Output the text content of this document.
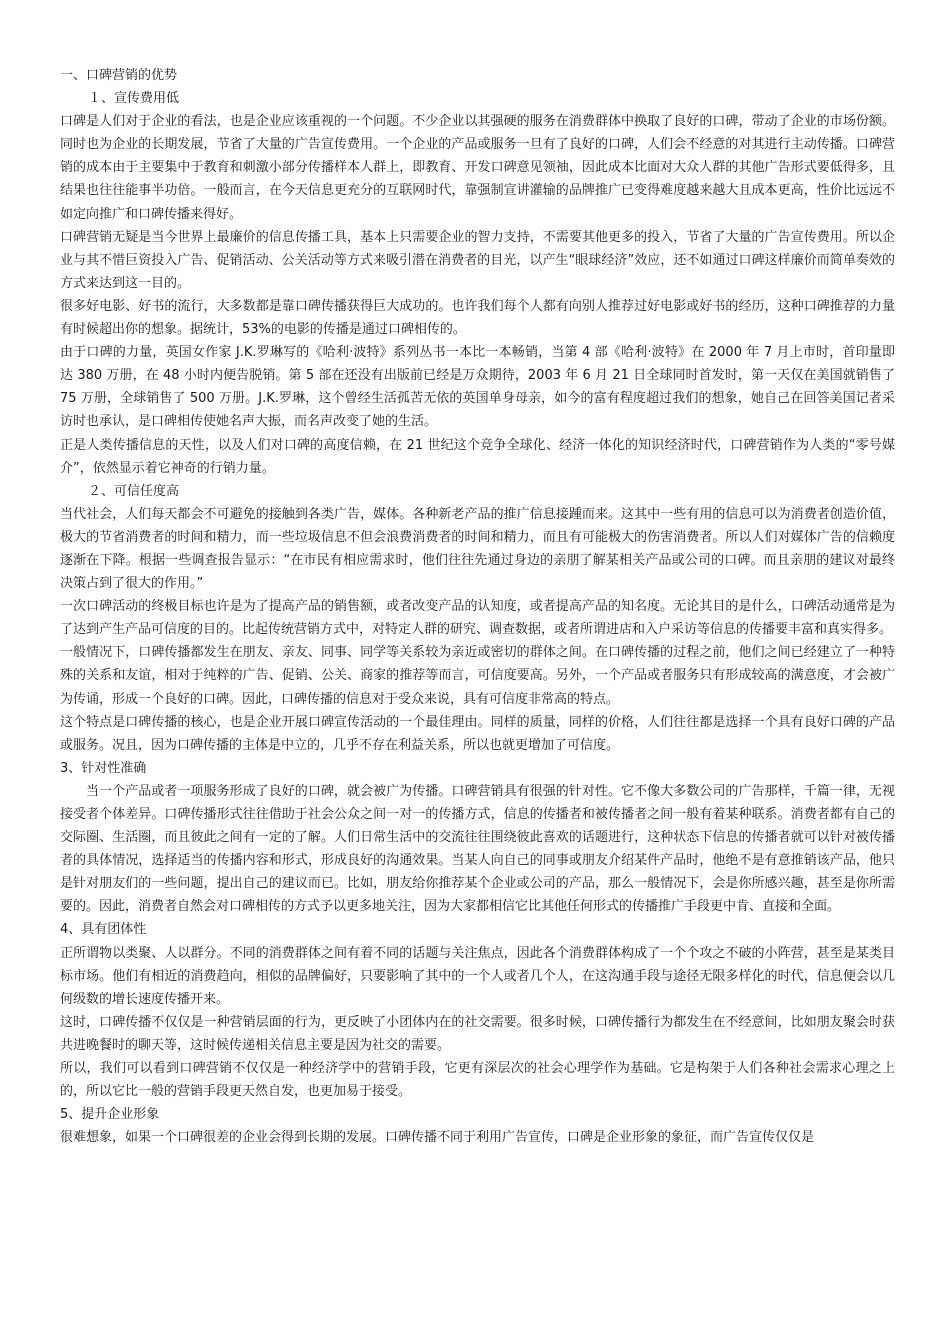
一、口碑营销的优势

１、宣传费用低

口碑是人们对于企业的看法，也是企业应该重视的一个问题。不少企业以其强硬的服务在消费群体中换取了良好的口碑，带动了企业的市场份额。同时也为企业的长期发展，节省了大量的广告宣传费用。一个企业的产品或服务一旦有了良好的口碑，人们会不经意的对其进行主动传播。口碑营销的成本由于主要集中于教育和刺激小部分传播样本人群上，即教育、开发口碑意见领袖，因此成本比面对大众人群的其他广告形式要低得多，且结果也往往能事半功倍。一般而言，在今天信息更充分的互联网时代，靠强制宣讲灌输的品牌推广已变得难度越来越大且成本更高，性价比远远不如定向推广和口碑传播来得好。

口碑营销无疑是当今世界上最廉价的信息传播工具，基本上只需要企业的智力支持，不需要其他更多的投入，节省了大量的广告宣传费用。所以企业与其不惜巨资投入广告、促销活动、公关活动等方式来吸引潜在消费者的目光，以产生“眼球经济”效应，还不如通过口碑这样廉价而简单奏效的方式来达到这一目的。

很多好电影、好书的流行，大多数都是靠口碑传播获得巨大成功的。也许我们每个人都有向别人推荐过好电影或好书的经历，这种口碑推荐的力量有时候超出你的想象。据统计，53%的电影的传播是通过口碑相传的。

由于口碑的力量，英国女作家 J.K.罗琳写的《哈利·波特》系列丛书一本比一本畅销，当第 4 部《哈利·波特》在 2000 年 7 月上市时，首印量即达 380 万册，在 48 小时内便告脱销。第 5 部在还没有出版前已经是万众期待，2003 年 6 月 21 日全球同时首发时，第一天仅在美国就销售了 75 万册，全球销售了 500 万册。J.K.罗琳，这个曾经生活孤苦无依的英国单身母亲，如今的富有程度超过我们的想象，她自己在回答美国记者采访时也承认，是口碑相传使她名声大振，而名声改变了她的生活。

正是人类传播信息的天性，以及人们对口碑的高度信赖，在 21 世纪这个竞争全球化、经济一体化的知识经济时代，口碑营销作为人类的“零号媒介”，依然显示着它神奇的行销力量。

２、可信任度高

当代社会，人们每天都会不可避免的接触到各类广告，媒体。各种新老产品的推广信息接踵而来。这其中一些有用的信息可以为消费者创造价值，极大的节省消费者的时间和精力，而一些垃圾信息不但会浪费消费者的时间和精力，而且有可能极大的伤害消费者。所以人们对媒体广告的信赖度逐渐在下降。根据一些调查报告显示：“在市民有相应需求时，他们往往先通过身边的亲朋了解某相关产品或公司的口碑。而且亲朋的建议对最终决策占到了很大的作用。”

一次口碑活动的终极目标也许是为了提高产品的销售额，或者改变产品的认知度，或者提高产品的知名度。无论其目的是什么，口碑活动通常是为了达到产生产品可信度的目的。比起传统营销方式中，对特定人群的研究、调查数据，或者所谓进店和入户采访等信息的传播要丰富和真实得多。

一般情况下，口碑传播都发生在朋友、亲友、同事、同学等关系较为亲近或密切的群体之间。在口碑传播的过程之前，他们之间已经建立了一种特殊的关系和友谊，相对于纯粹的广告、促销、公关、商家的推荐等而言，可信度要高。另外，一个产品或者服务只有形成较高的满意度，才会被广为传诵，形成一个良好的口碑。因此，口碑传播的信息对于受众来说，具有可信度非常高的特点。

这个特点是口碑传播的核心，也是企业开展口碑宣传活动的一个最佳理由。同样的质量，同样的价格，人们往往都是选择一个具有良好口碑的产品或服务。况且，因为口碑传播的主体是中立的，几乎不存在利益关系，所以也就更增加了可信度。

3、针对性准确

当一个产品或者一项服务形成了良好的口碑，就会被广为传播。口碑营销具有很强的针对性。它不像大多数公司的广告那样，千篇一律，无视接受者个体差异。口碑传播形式往往借助于社会公众之间一对一的传播方式，信息的传播者和被传播者之间一般有着某种联系。消费者都有自己的交际圈、生活圈，而且彼此之间有一定的了解。人们日常生活中的交流往往围绕彼此喜欢的话题进行，这种状态下信息的传播者就可以针对被传播者的具体情况，选择适当的传播内容和形式，形成良好的沟通效果。当某人向自己的同事或朋友介绍某件产品时，他绝不是有意推销该产品，他只是针对朋友们的一些问题，提出自己的建议而已。比如，朋友给你推荐某个企业或公司的产品，那么一般情况下，会是你所感兴趣，甚至是你所需要的。因此，消费者自然会对口碑相传的方式予以更多地关注，因为大家都相信它比其他任何形式的传播推广手段更中肯、直接和全面。

4、具有团体性

正所谓物以类聚、人以群分。不同的消费群体之间有着不同的话题与关注焦点，因此各个消费群体构成了一个个攻之不破的小阵营，甚至是某类目标市场。他们有相近的消费趋向，相似的品牌偏好，只要影响了其中的一个人或者几个人，在这沟通手段与途径无限多样化的时代，信息便会以几何级数的增长速度传播开来。

这时，口碑传播不仅仅是一种营销层面的行为，更反映了小团体内在的社交需要。很多时候，口碑传播行为都发生在不经意间，比如朋友聚会时获共进晚餐时的聊天等，这时候传递相关信息主要是因为社交的需要。

所以，我们可以看到口碑营销不仅仅是一种经济学中的营销手段，它更有深层次的社会心理学作为基础。它是构架于人们各种社会需求心理之上的，所以它比一般的营销手段更天然自发，也更加易于接受。

5、提升企业形象

很难想象，如果一个口碑很差的企业会得到长期的发展。口碑传播不同于利用广告宣传，口碑是企业形象的象征，而广告宣传仅仅是
